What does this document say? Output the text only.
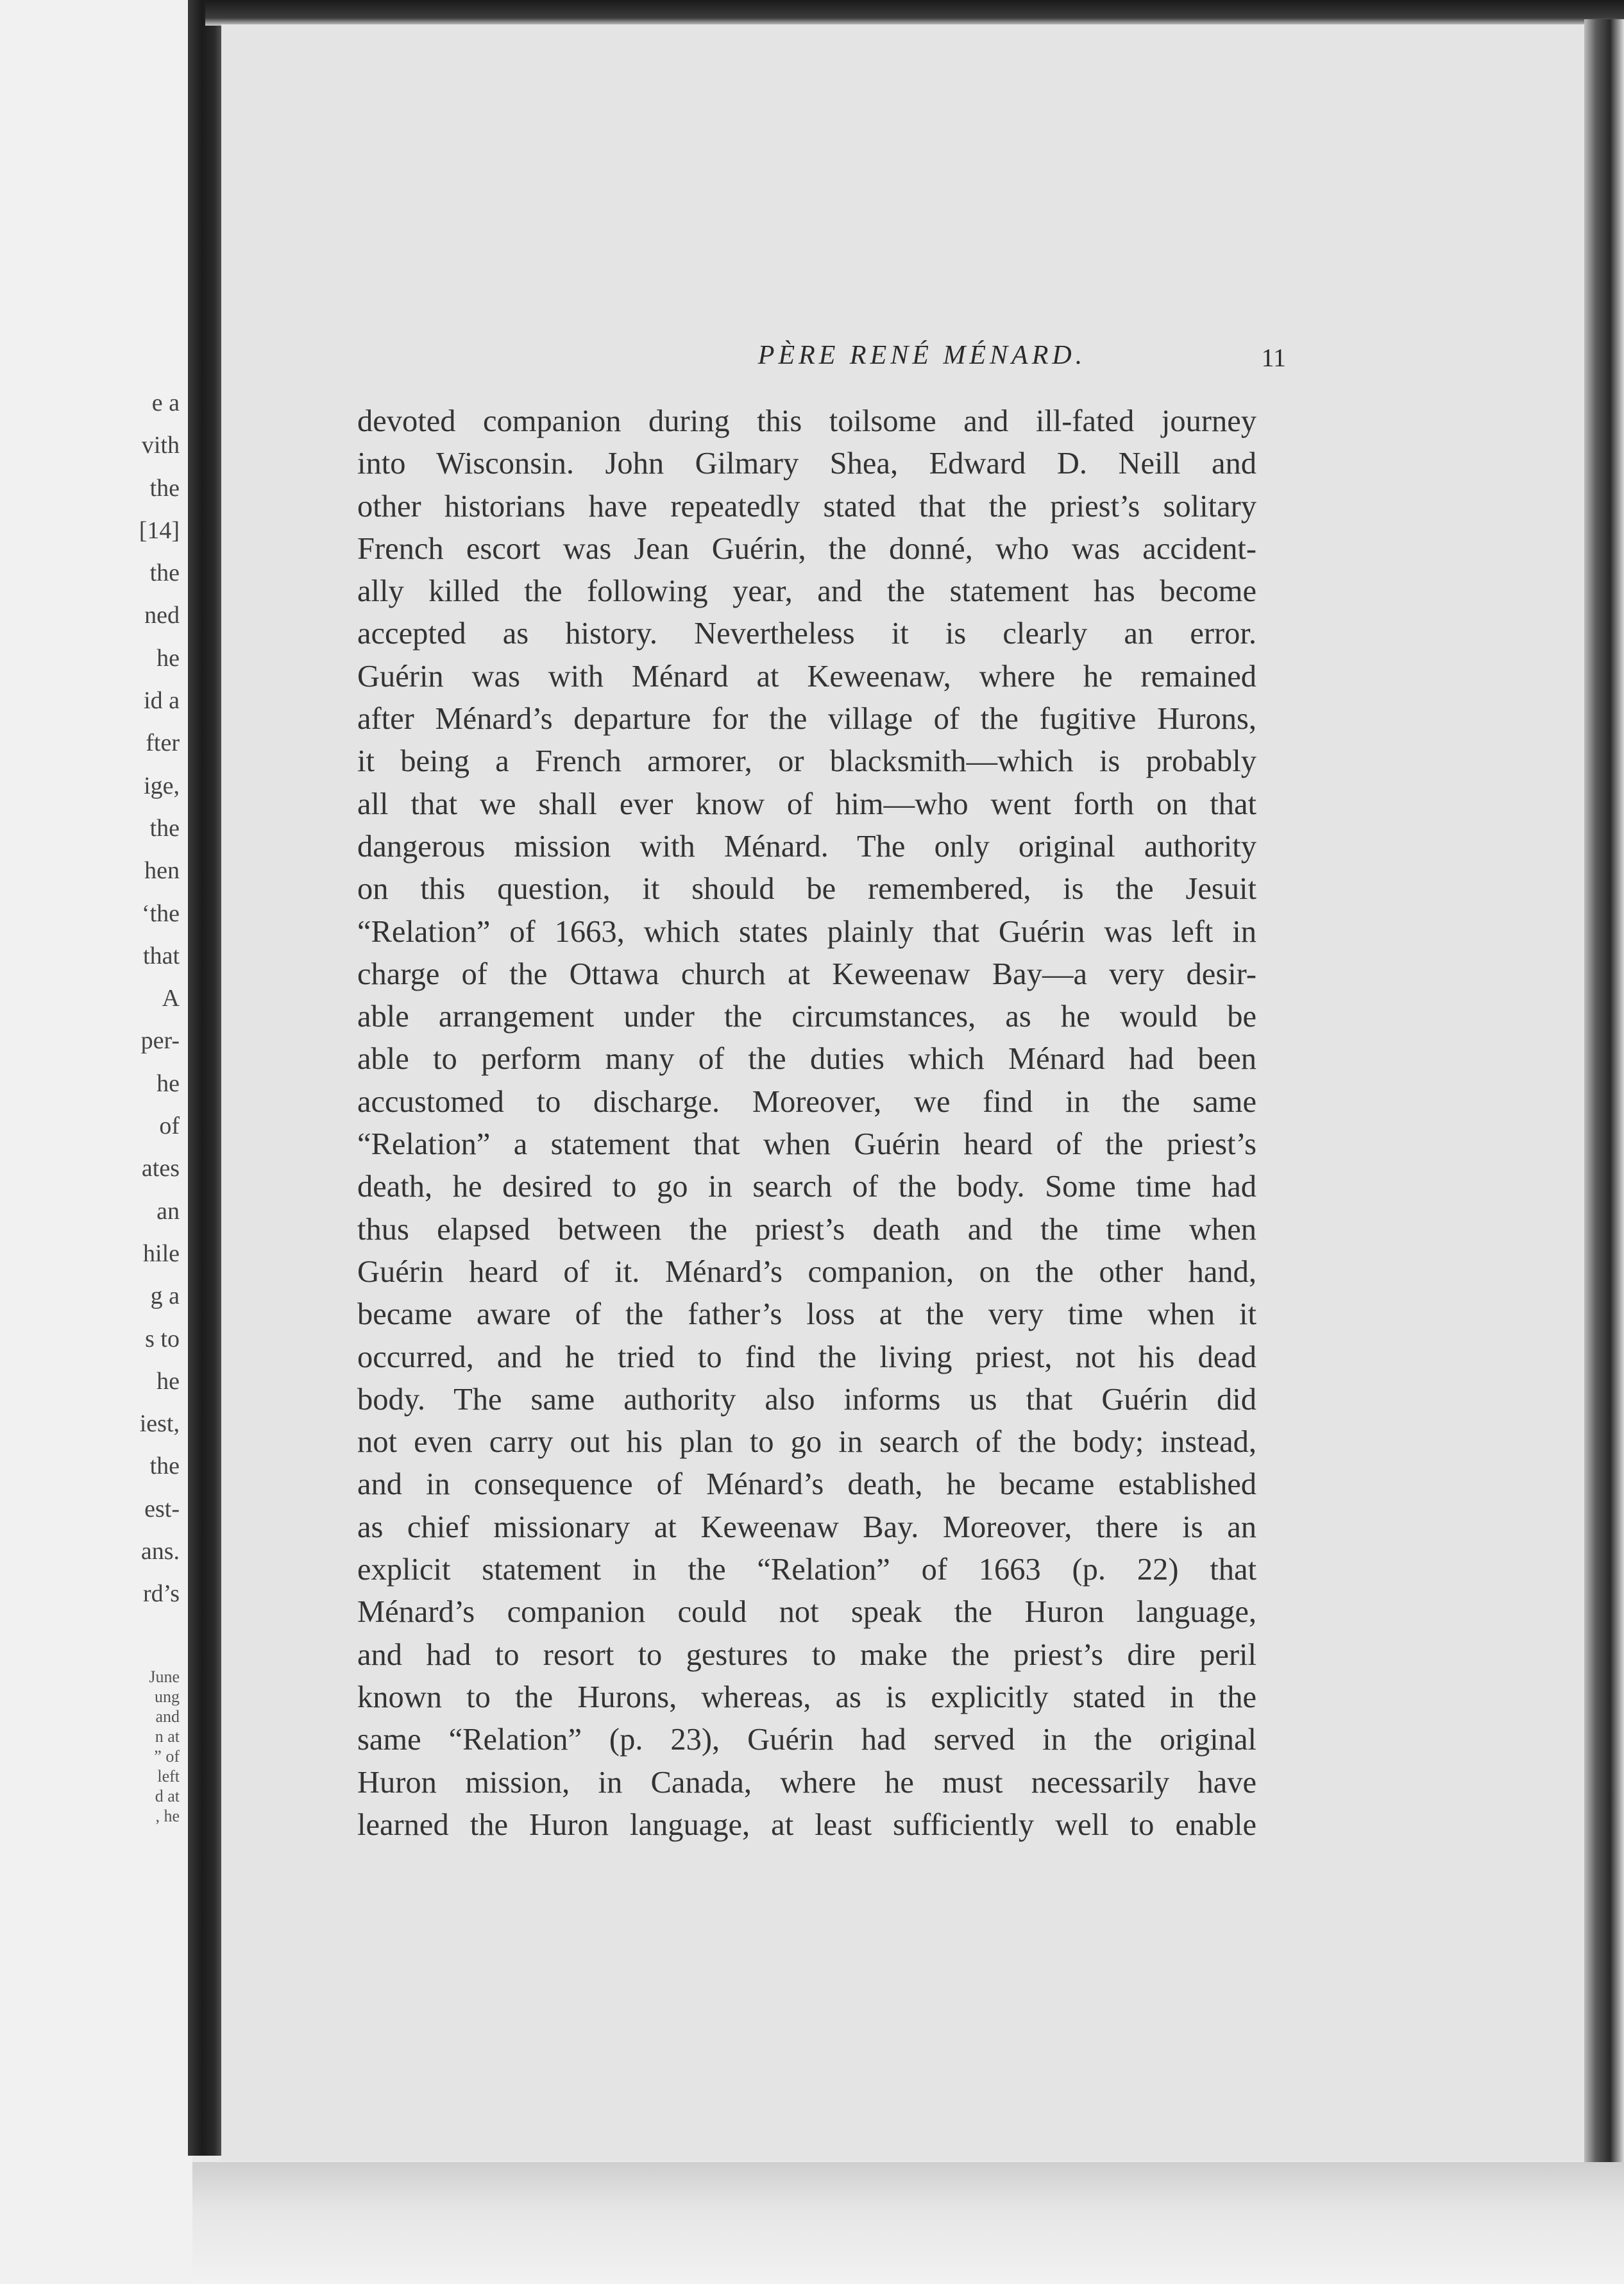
e a
vith
the
[14]
the
ned
he
id a
fter
ige,
the
hen
‘the
that
A
per-
he
of
ates
an
hile
g a
s to
he
iest,
the
est-
ans.
rd’s
June
ung
and
n at
” of
left
d at
, he
PÈRE RENÉ MÉNARD.	11
devoted companion during this toilsome and ill-fated journey
into Wisconsin. John Gilmary Shea, Edward D. Neill and
other historians have repeatedly stated that the priest’s solitary
French escort was Jean Guérin, the donné, who was accident-
ally killed the following year, and the statement has become
accepted as history. Nevertheless it is clearly an error.
Guérin was with Ménard at Keweenaw, where he remained
after Ménard’s departure for the village of the fugitive Hurons,
it being a French armorer, or blacksmith—which is probably
all that we shall ever know of him—who went forth on that
dangerous mission with Ménard. The only original authority
on this question, it should be remembered, is the Jesuit
“Relation” of 1663, which states plainly that Guérin was left in
charge of the Ottawa church at Keweenaw Bay—a very desir-
able arrangement under the circumstances, as he would be
able to perform many of the duties which Ménard had been
accustomed to discharge. Moreover, we find in the same
“Relation” a statement that when Guérin heard of the priest’s
death, he desired to go in search of the body. Some time had
thus elapsed between the priest’s death and the time when
Guérin heard of it. Ménard’s companion, on the other hand,
became aware of the father’s loss at the very time when it
occurred, and he tried to find the living priest, not his dead
body. The same authority also informs us that Guérin did
not even carry out his plan to go in search of the body; instead,
and in consequence of Ménard’s death, he became established
as chief missionary at Keweenaw Bay. Moreover, there is an
explicit statement in the “Relation” of 1663 (p. 22) that
Ménard’s companion could not speak the Huron language,
and had to resort to gestures to make the priest’s dire peril
known to the Hurons, whereas, as is explicitly stated in the
same “Relation” (p. 23), Guérin had served in the original
Huron mission, in Canada, where he must necessarily have
learned the Huron language, at least sufficiently well to enable
